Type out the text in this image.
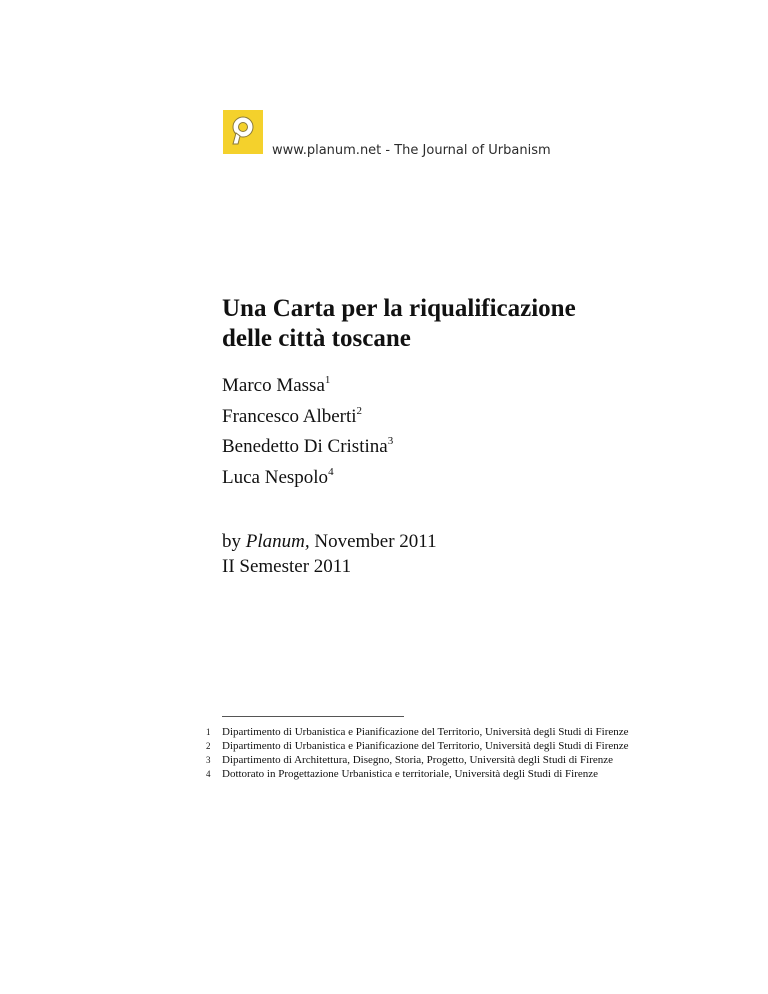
www.planum.net - The Journal of Urbanism
Una Carta per la riqualificazione
delle città toscane
Marco Massa$^1$
Francesco Alberti$^2$
Benedetto Di Cristina$^3$
Luca Nespolo$^4$
by Planum, November 2011
II Semester 2011
1	Dipartimento di Urbanistica e Pianificazione del Territorio, Università degli Studi di Firenze
2	Dipartimento di Urbanistica e Pianificazione del Territorio, Università degli Studi di Firenze
3	Dipartimento di Architettura, Disegno, Storia, Progetto, Università degli Studi di Firenze
4	Dottorato in Progettazione Urbanistica e territoriale, Università degli Studi di Firenze
